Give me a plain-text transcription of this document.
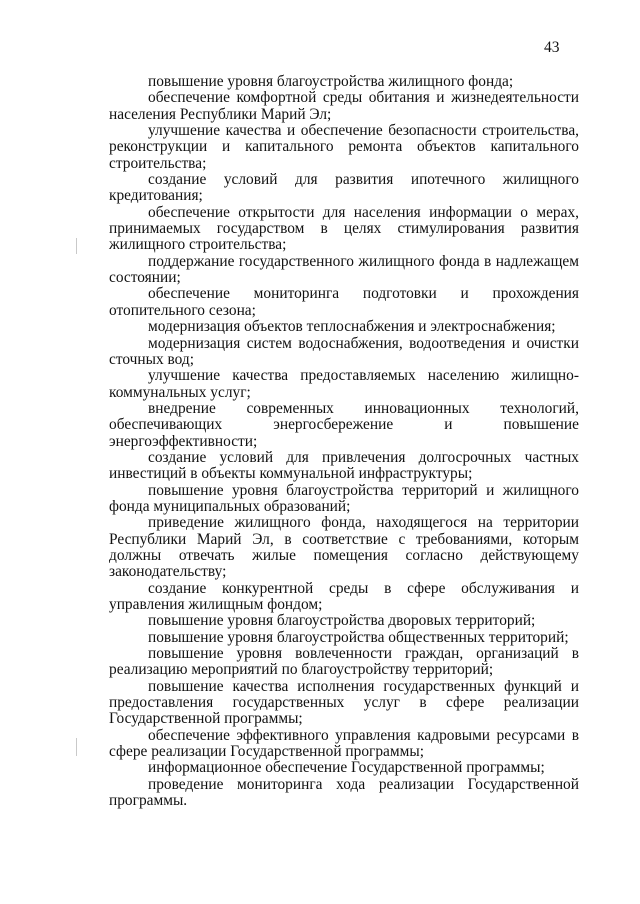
43

повышение уровня благоустройства жилищного фонда;

обеспечение комфортной среды обитания и жизнедеятельности населения Республики Марий Эл;

улучшение качества и обеспечение безопасности строительства, реконструкции и капитального ремонта объектов капитального строительства;

создание условий для развития ипотечного жилищного кредитования;

обеспечение открытости для населения информации о мерах, принимаемых государством в целях стимулирования развития жилищного строительства;

поддержание государственного жилищного фонда в надлежащем состоянии;

обеспечение мониторинга подготовки и прохождения отопительного сезона;

модернизация объектов теплоснабжения и электроснабжения;

модернизация систем водоснабжения, водоотведения и очистки сточных вод;

улучшение качества предоставляемых населению жилищно-коммунальных услуг;

внедрение современных инновационных технологий, обеспечивающих энергосбережение и повышение энергоэффективности;

создание условий для привлечения долгосрочных частных инвестиций в объекты коммунальной инфраструктуры;

повышение уровня благоустройства территорий и жилищного фонда муниципальных образований;

приведение жилищного фонда, находящегося на территории Республики Марий Эл, в соответствие с требованиями, которым должны отвечать жилые помещения согласно действующему законодательству;

создание конкурентной среды в сфере обслуживания и управления жилищным фондом;

повышение уровня благоустройства дворовых территорий;

повышение уровня благоустройства общественных территорий;

повышение уровня вовлеченности граждан, организаций в реализацию мероприятий по благоустройству территорий;

повышение качества исполнения государственных функций и предоставления государственных услуг в сфере реализации Государственной программы;

обеспечение эффективного управления кадровыми ресурсами в сфере реализации Государственной программы;

информационное обеспечение Государственной программы;

проведение мониторинга хода реализации Государственной программы.
